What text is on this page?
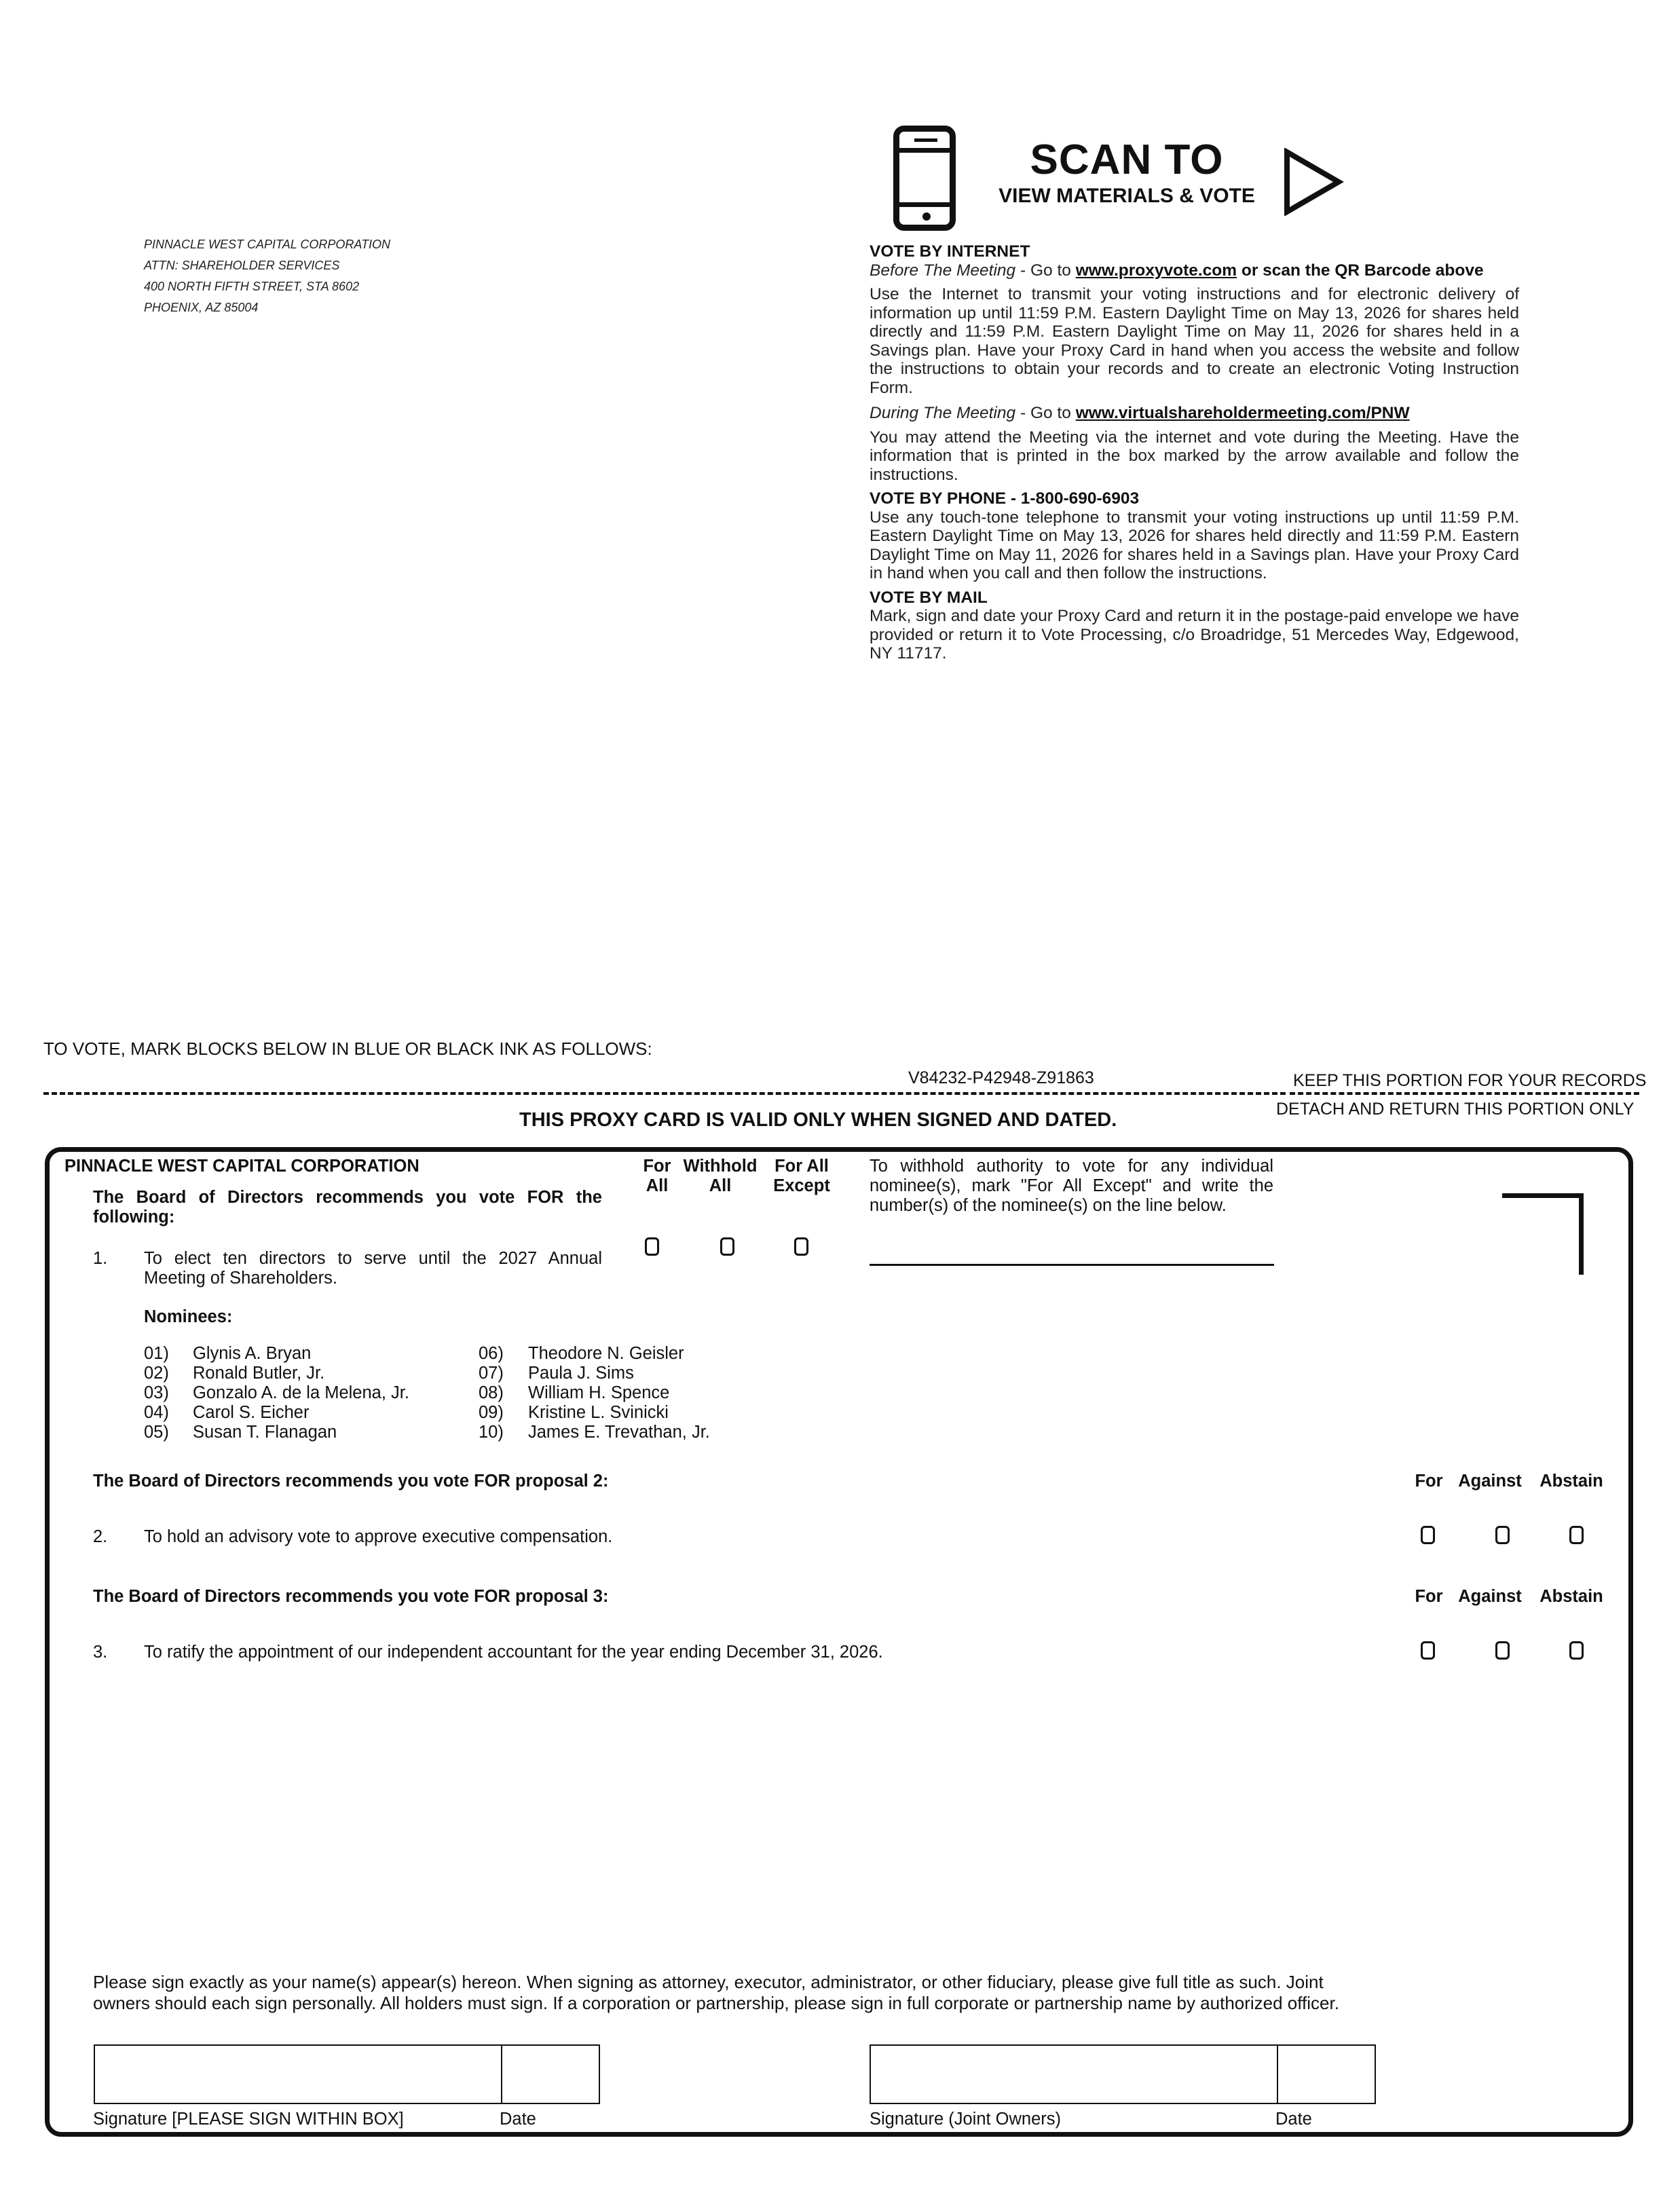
PINNACLE WEST CAPITAL CORPORATION
ATTN: SHAREHOLDER SERVICES
400 NORTH FIFTH STREET, STA 8602
PHOENIX, AZ 85004
SCAN TO
VIEW MATERIALS & VOTE
VOTE BY INTERNET
Before The Meeting - Go to www.proxyvote.com or scan the QR Barcode above

Use the Internet to transmit your voting instructions and for electronic delivery of information up until 11:59 P.M. Eastern Daylight Time on May 13, 2026 for shares held directly and 11:59 P.M. Eastern Daylight Time on May 11, 2026 for shares held in a Savings plan. Have your Proxy Card in hand when you access the website and follow the instructions to obtain your records and to create an electronic Voting Instruction Form.

During The Meeting - Go to www.virtualshareholdermeeting.com/PNW

You may attend the Meeting via the internet and vote during the Meeting. Have the information that is printed in the box marked by the arrow available and follow the instructions.

VOTE BY PHONE - 1-800-690-6903

Use any touch-tone telephone to transmit your voting instructions up until 11:59 P.M. Eastern Daylight Time on May 13, 2026 for shares held directly and 11:59 P.M. Eastern Daylight Time on May 11, 2026 for shares held in a Savings plan. Have your Proxy Card in hand when you call and then follow the instructions.

VOTE BY MAIL

Mark, sign and date your Proxy Card and return it in the postage-paid envelope we have provided or return it to Vote Processing, c/o Broadridge, 51 Mercedes Way, Edgewood, NY 11717.

TO VOTE, MARK BLOCKS BELOW IN BLUE OR BLACK INK AS FOLLOWS:
V84232-P42948-Z91863	KEEP THIS PORTION FOR YOUR RECORDS
DETACH AND RETURN THIS PORTION ONLY
THIS PROXY CARD IS VALID ONLY WHEN SIGNED AND DATED.
PINNACLE WEST CAPITAL CORPORATION
The Board of Directors recommends you vote FOR the following:
For All
Withhold All
For All Except
To withhold authority to vote for any individual nominee(s), mark "For All Except" and write the number(s) of the nominee(s) on the line below.
1. To elect ten directors to serve until the 2027 Annual Meeting of Shareholders.
Nominees:
01) Glynis A. Bryan
02) Ronald Butler, Jr.
03) Gonzalo A. de la Melena, Jr.
04) Carol S. Eicher
05) Susan T. Flanagan
06) Theodore N. Geisler
07) Paula J. Sims
08) William H. Spence
09) Kristine L. Svinicki
10) James E. Trevathan, Jr.
The Board of Directors recommends you vote FOR proposal 2:	For Against	Abstain
2. To hold an advisory vote to approve executive compensation.
The Board of Directors recommends you vote FOR proposal 3:	For Against	Abstain
3. To ratify the appointment of our independent accountant for the year ending December 31, 2026.
Please sign exactly as your name(s) appear(s) hereon. When signing as attorney, executor, administrator, or other fiduciary, please give full title as such. Joint owners should each sign personally. All holders must sign. If a corporation or partnership, please sign in full corporate or partnership name by authorized officer.
Signature [PLEASE SIGN WITHIN BOX]	Date	Signature (Joint Owners)	Date
